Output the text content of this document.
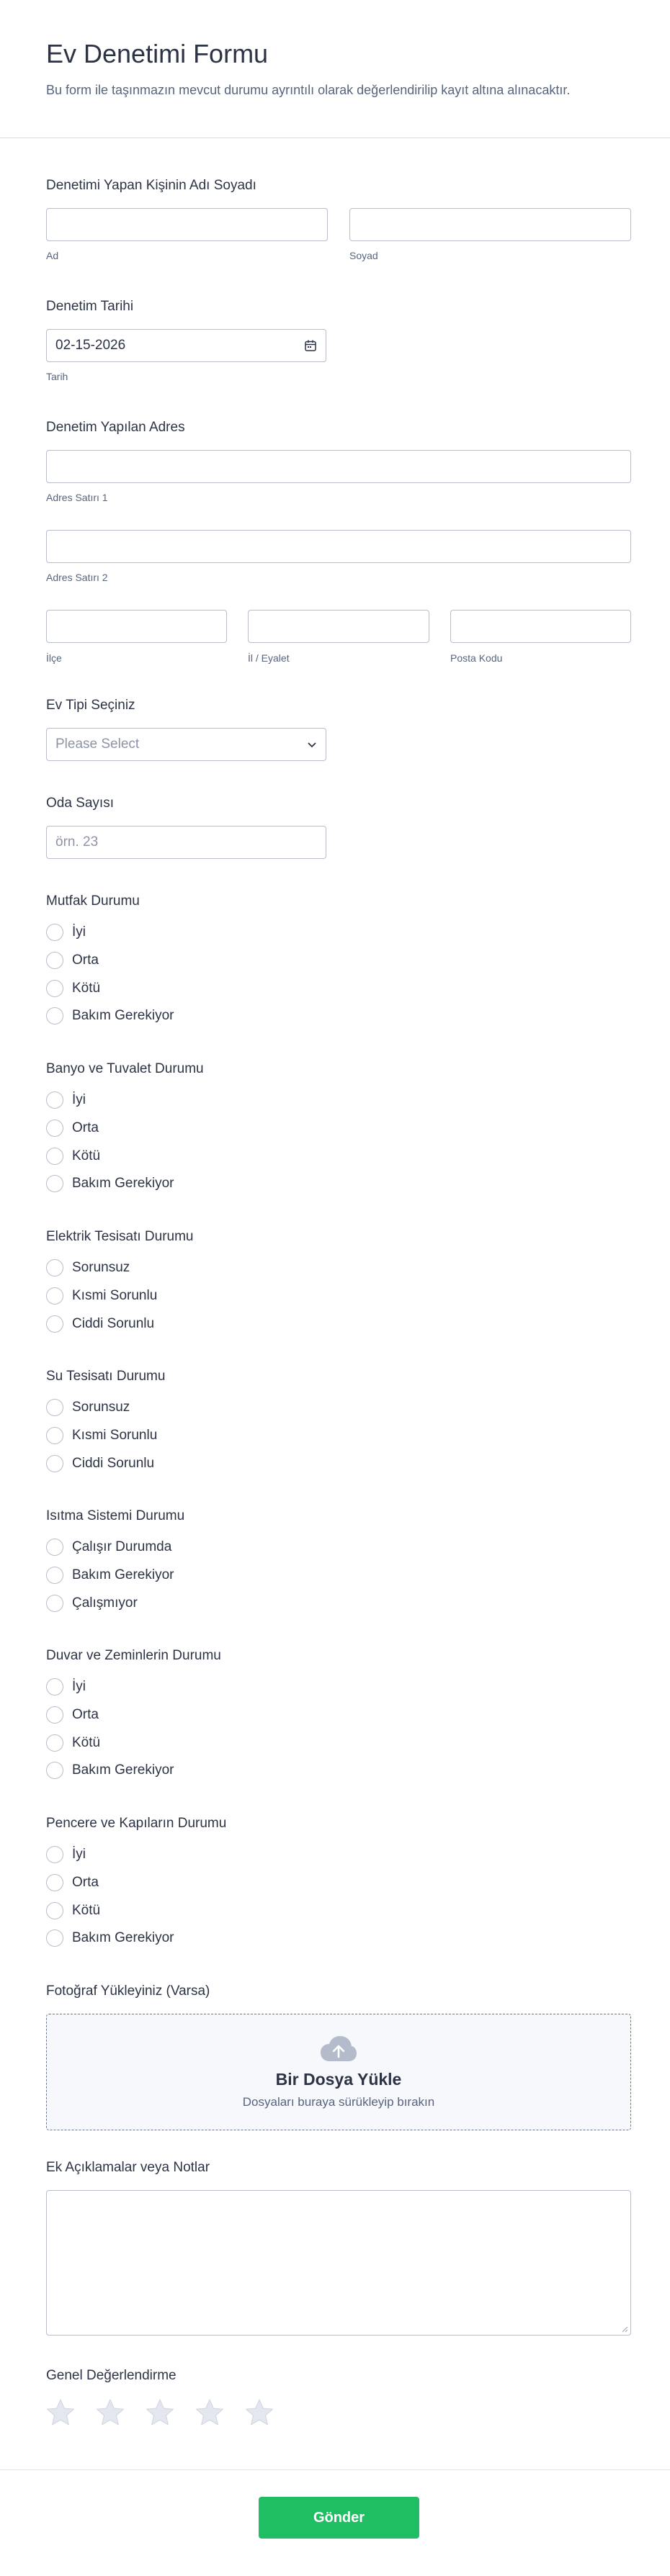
Ev Denetimi Formu

Bu form ile taşınmazın mevcut durumu ayrıntılı olarak değerlendirilip kayıt altına alınacaktır.

Denetimi Yapan Kişinin Adı Soyadı
Ad	Soyad
Denetim Tarihi
02-15-2026
Tarih
Denetim Yapılan Adres
Adres Satırı 1
Adres Satırı 2
İlçe	İl / Eyalet	Posta Kodu
Ev Tipi Seçiniz
Please Select
Oda Sayısı
örn. 23
Mutfak Durumu
İyi
Orta
Kötü
Bakım Gerekiyor
Banyo ve Tuvalet Durumu
İyi
Orta
Kötü
Bakım Gerekiyor
Elektrik Tesisatı Durumu
Sorunsuz
Kısmi Sorunlu
Ciddi Sorunlu
Su Tesisatı Durumu
Sorunsuz
Kısmi Sorunlu
Ciddi Sorunlu
Isıtma Sistemi Durumu
Çalışır Durumda
Bakım Gerekiyor
Çalışmıyor
Duvar ve Zeminlerin Durumu
İyi
Orta
Kötü
Bakım Gerekiyor
Pencere ve Kapıların Durumu
İyi
Orta
Kötü
Bakım Gerekiyor
Fotoğraf Yükleyiniz (Varsa)
Bir Dosya Yükle
Dosyaları buraya sürükleyip bırakın
Ek Açıklamalar veya Notlar
Genel Değerlendirme
Gönder
